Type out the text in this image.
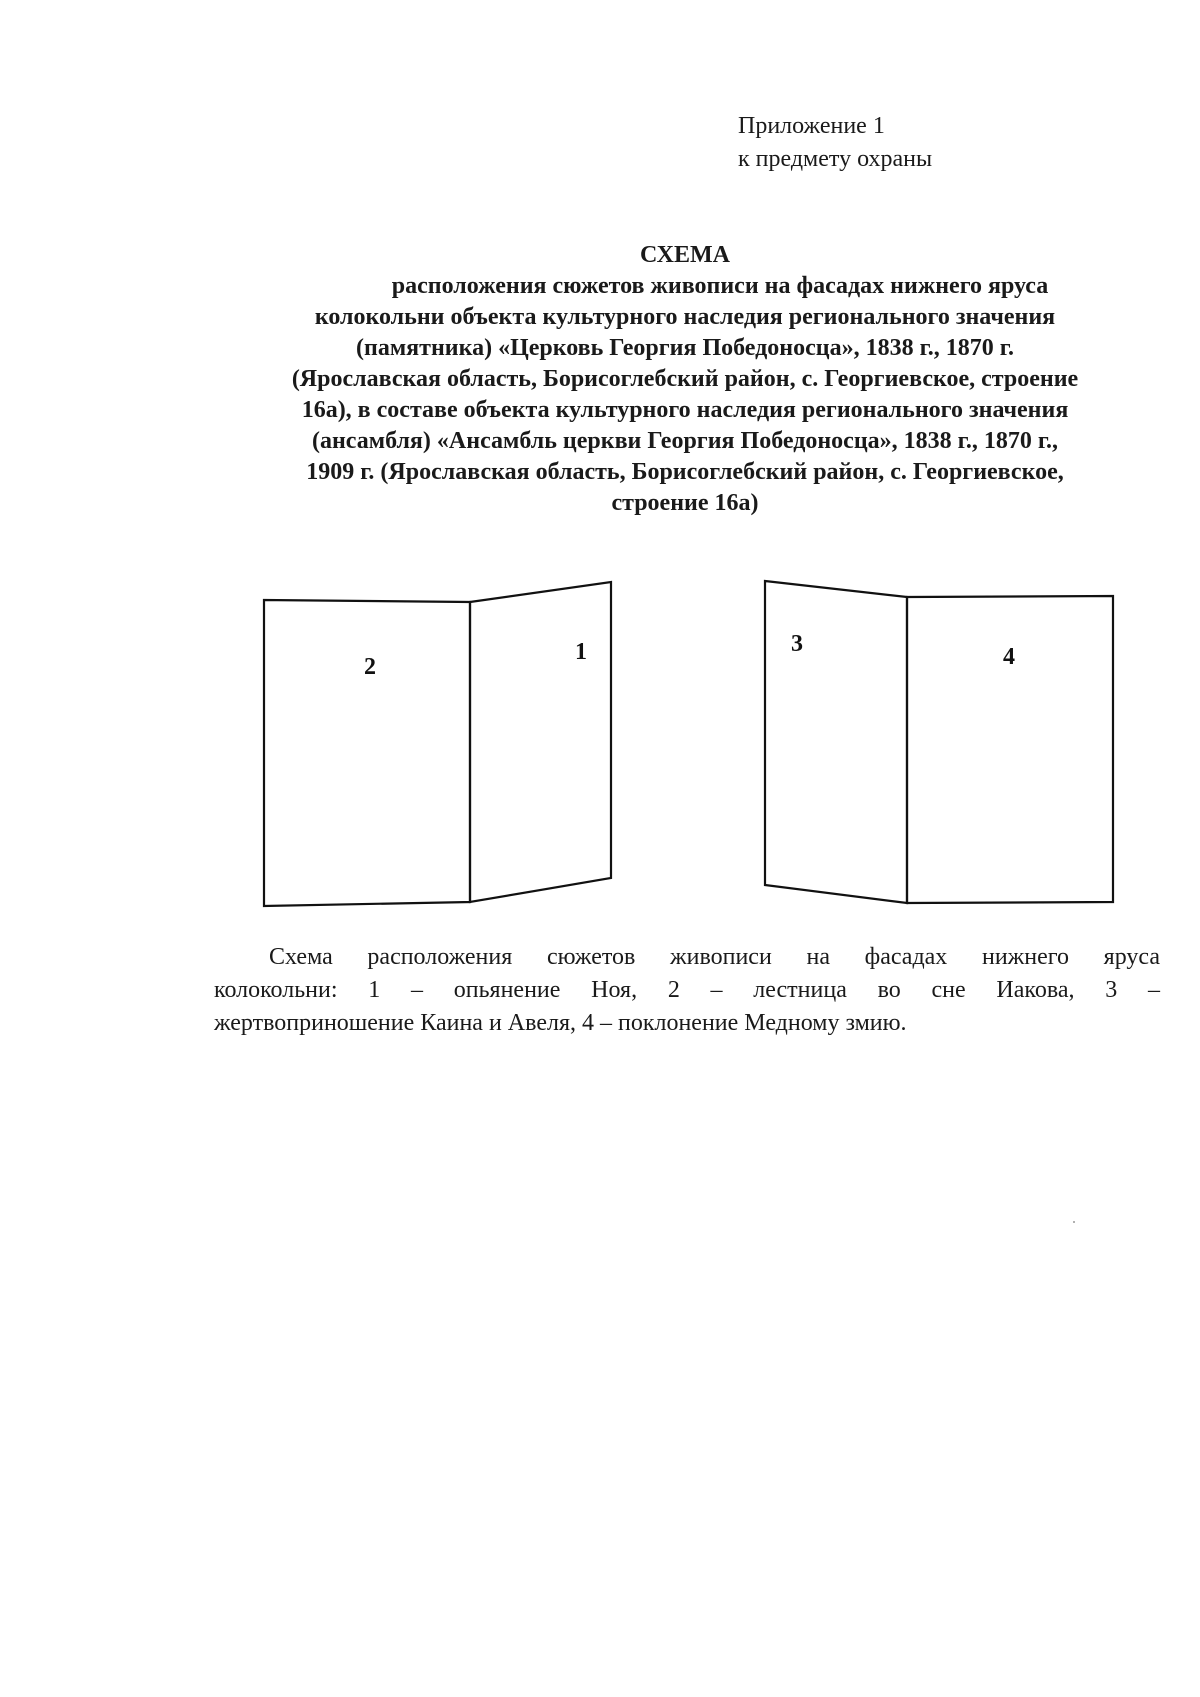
Приложение 1
к предмету охраны
СХЕМА
расположения сюжетов живописи на фасадах нижнего яруса
колокольни объекта культурного наследия регионального значения
(памятника) «Церковь Георгия Победоносца», 1838 г., 1870 г.
(Ярославская область, Борисоглебский район, с. Георгиевское, строение
16а), в составе объекта культурного наследия регионального значения
(ансамбля) «Ансамбль церкви Георгия Победоносца», 1838 г., 1870 г.,
1909 г. (Ярославская область, Борисоглебский район, с. Георгиевское,
строение 16а)
2
1	3	4
Схема расположения сюжетов живописи на фасадах нижнего яруса
колокольни: 1 – опьянение Ноя, 2 – лестница во сне Иакова, 3 –
жертвоприношение Каина и Авеля, 4 – поклонение Медному змию.
